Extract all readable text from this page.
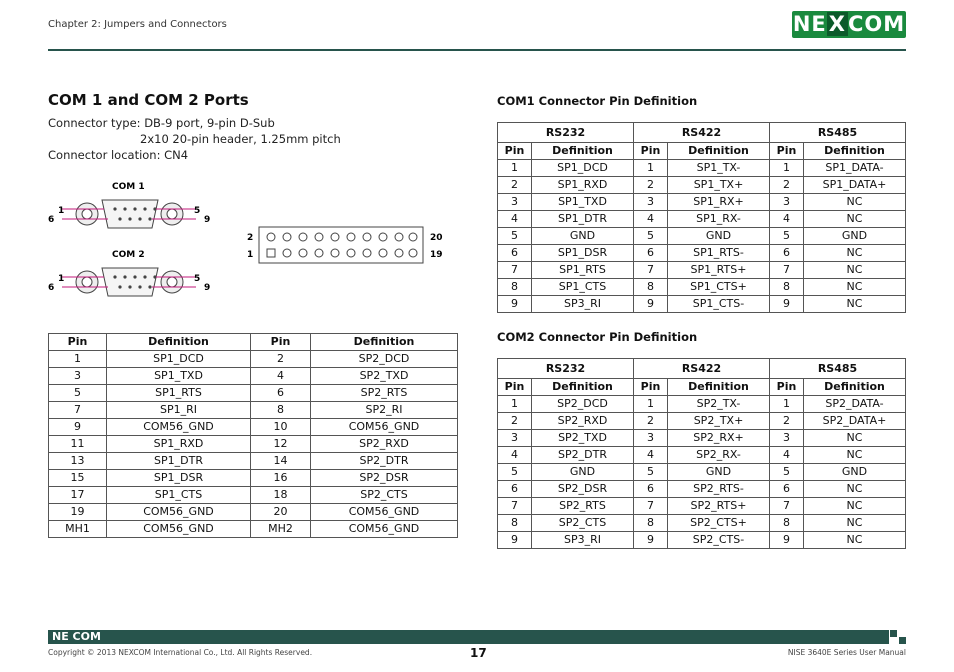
Chapter 2: Jumpers and Connectors	NEXCOM
COM 1 and COM 2 Ports
Connector type: DB-9 port, 9-pin D-Sub
2x10 20-pin header, 1.25mm pitch
Connector location: CN4
COM 1
1
6
5
9
COM 2
1
6
5
9
2
1
20
19
Pin	Definition	Pin	Definition
1	SP1_DCD	2	SP2_DCD
3	SP1_TXD	4	SP2_TXD
5	SP1_RTS	6	SP2_RTS
7	SP1_RI	8	SP2_RI
9	COM56_GND	10	COM56_GND
11	SP1_RXD	12	SP2_RXD
13	SP1_DTR	14	SP2_DTR
15	SP1_DSR	16	SP2_DSR
17	SP1_CTS	18	SP2_CTS
19	COM56_GND	20	COM56_GND
MH1	COM56_GND	MH2	COM56_GND
COM1 Connector Pin Definition
RS232		RS422		RS485	
Pin	Definition	Pin	Definition	Pin	Definition
1	SP1_DCD	1	SP1_TX-	1	SP1_DATA-
2	SP1_RXD	2	SP1_TX+	2	SP1_DATA+
3	SP1_TXD	3	SP1_RX+	3	NC
4	SP1_DTR	4	SP1_RX-	4	NC
5	GND	5	GND	5	GND
6	SP1_DSR	6	SP1_RTS-	6	NC
7	SP1_RTS	7	SP1_RTS+	7	NC
8	SP1_CTS	8	SP1_CTS+	8	NC
9	SP3_RI	9	SP1_CTS-	9	NC
COM2 Connector Pin Definition
RS232		RS422		RS485	
Pin	Definition	Pin	Definition	Pin	Definition
1	SP2_DCD	1	SP2_TX-	1	SP2_DATA-
2	SP2_RXD	2	SP2_TX+	2	SP2_DATA+
3	SP2_TXD	3	SP2_RX+	3	NC
4	SP2_DTR	4	SP2_RX-	4	NC
5	GND	5	GND	5	GND
6	SP2_DSR	6	SP2_RTS-	6	NC
7	SP2_RTS	7	SP2_RTS+	7	NC
8	SP2_CTS	8	SP2_CTS+	8	NC
9	SP3_RI	9	SP2_CTS-	9	NC
NE COM
Copyright © 2013 NEXCOM International Co., Ltd. All Rights Reserved.	17	NISE 3640E Series User Manual
